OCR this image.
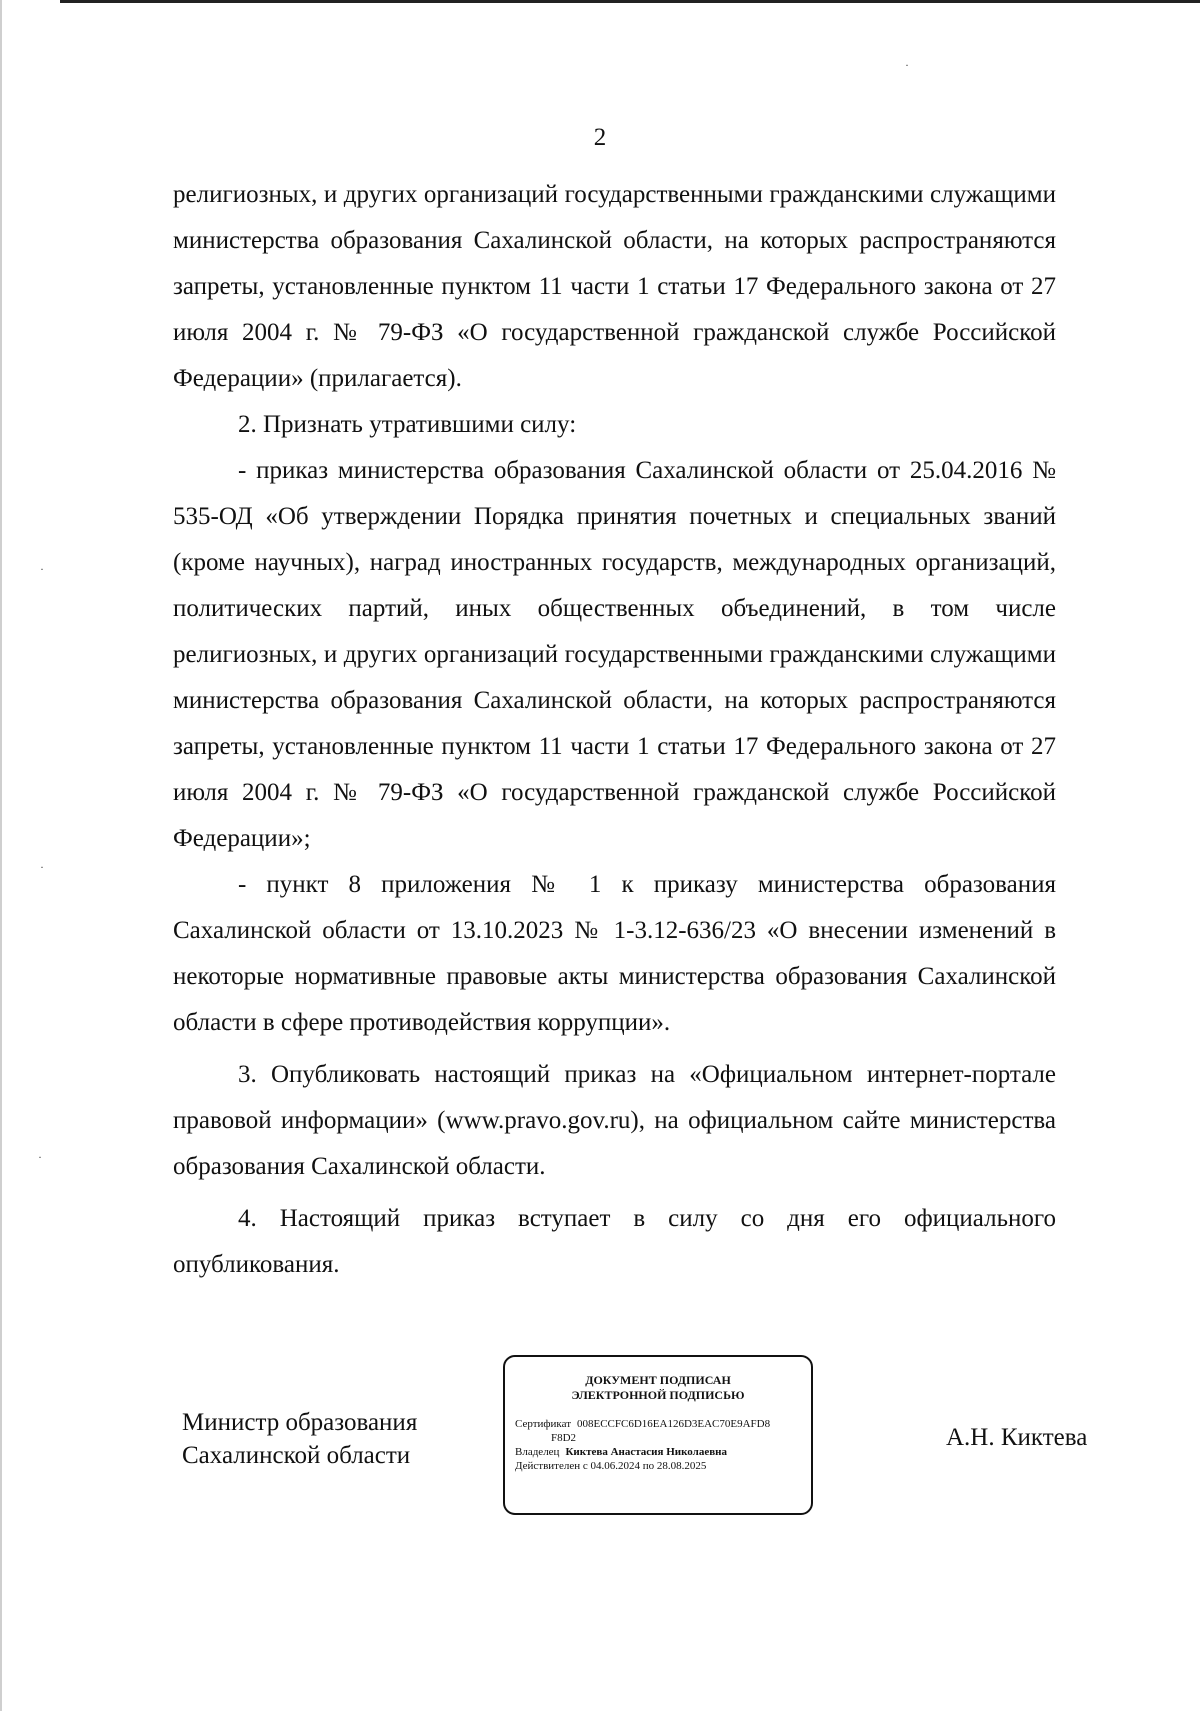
·
·
·
·
2

религиозных, и других организаций государственными гражданскими служащими министерства образования Сахалинской области, на которых распространяются запреты, установленные пунктом 11 части 1 статьи 17 Федерального закона от 27 июля 2004 г. № 79-ФЗ «О государственной гражданской службе Российской Федерации» (прилагается).

2. Признать утратившими силу:

- приказ министерства образования Сахалинской области от 25.04.2016 № 535-ОД «Об утверждении Порядка принятия почетных и специальных званий (кроме научных), наград иностранных государств, международных организаций, политических партий, иных общественных объединений, в том числе религиозных, и других организаций государственными гражданскими служащими министерства образования Сахалинской области, на которых распространяются запреты, установленные пунктом 11 части 1 статьи 17 Федерального закона от 27 июля 2004 г. № 79-ФЗ «О государственной гражданской службе Российской Федерации»;

- пункт 8 приложения № 1 к приказу министерства образования Сахалинской области от 13.10.2023 № 1-3.12-636/23 «О внесении изменений в некоторые нормативные правовые акты министерства образования Сахалинской области в сфере противодействия коррупции».

3. Опубликовать настоящий приказ на «Официальном интернет-портале правовой информации» (www.pravo.gov.ru), на официальном сайте министерства образования Сахалинской области.

4. Настоящий приказ вступает в силу со дня его официального опубликования.

Министр образования
Сахалинской области
ДОКУМЕНТ ПОДПИСАН
ЭЛЕКТРОННОЙ ПОДПИСЬЮ
Сертификат 008ECCFC6D16EA126D3EAC70E9AFD8
F8D2
Владелец Киктева Анастасия Николаевна
Действителен с 04.06.2024 по 28.08.2025
А.Н. Киктева
